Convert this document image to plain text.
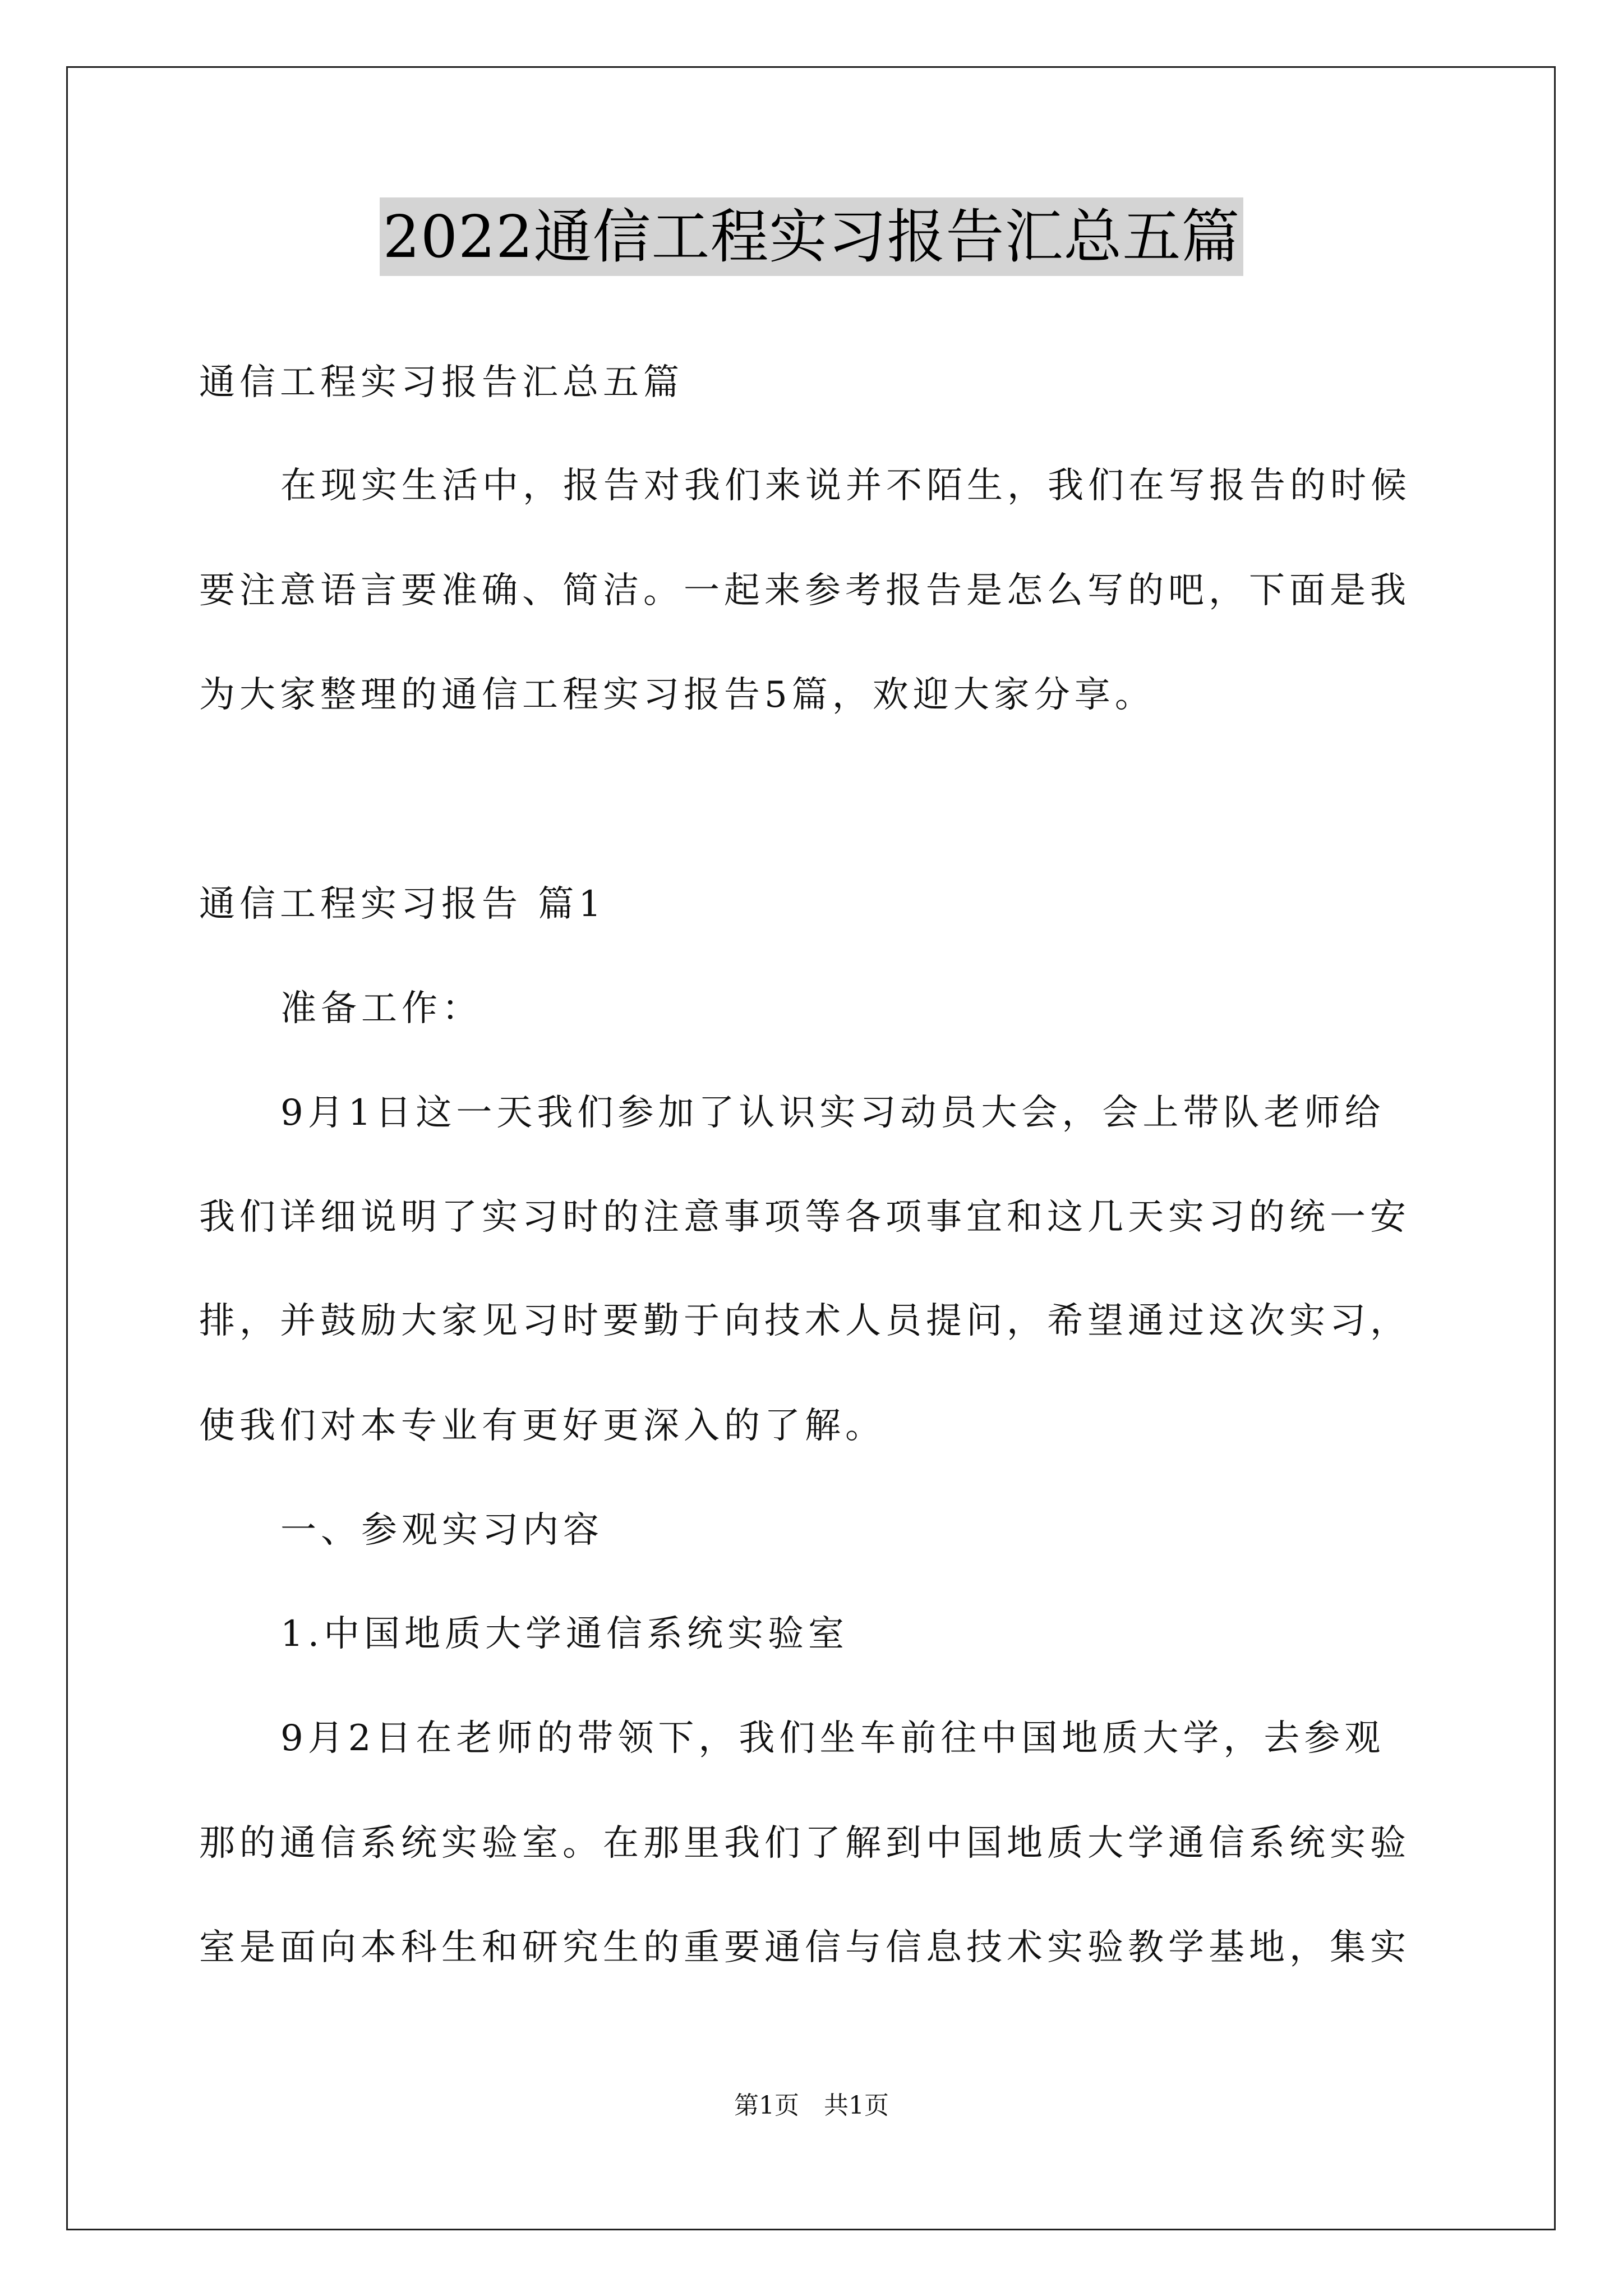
2022通信工程实习报告汇总五篇
通信工程实习报告汇总五篇
在现实生活中，报告对我们来说并不陌生，我们在写报告的时候
要注意语言要准确、简洁。一起来参考报告是怎么写的吧，下面是我
为大家整理的通信工程实习报告5篇，欢迎大家分享。
通信工程实习报告 篇1
准备工作：
9月1日这一天我们参加了认识实习动员大会，会上带队老师给
我们详细说明了实习时的注意事项等各项事宜和这几天实习的统一安
排，并鼓励大家见习时要勤于向技术人员提问，希望通过这次实习，
使我们对本专业有更好更深入的了解。
一、参观实习内容
1.中国地质大学通信系统实验室
9月2日在老师的带领下，我们坐车前往中国地质大学，去参观
那的通信系统实验室。在那里我们了解到中国地质大学通信系统实验
室是面向本科生和研究生的重要通信与信息技术实验教学基地，集实
第1页 共1页
